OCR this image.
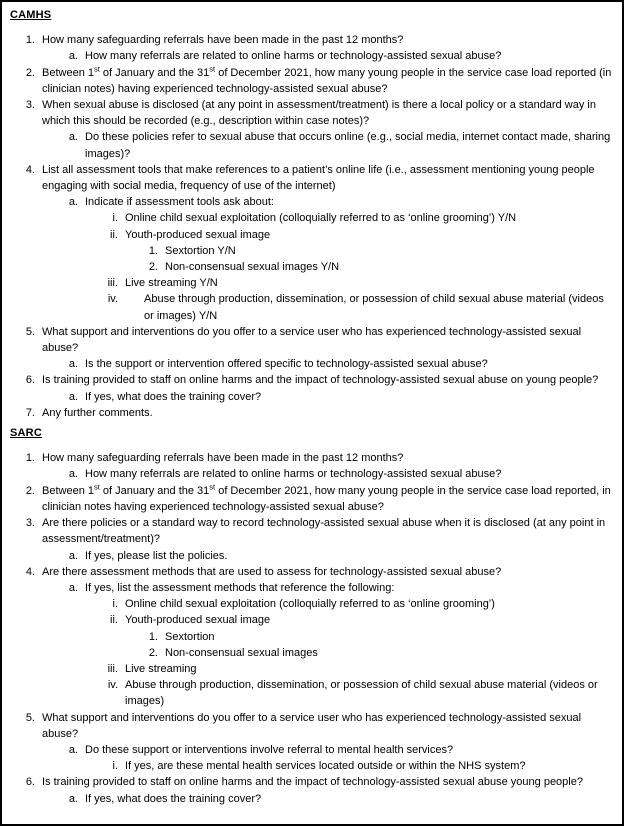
CAMHS
1. How many safeguarding referrals have been made in the past 12 months?
a. How many referrals are related to online harms or technology-assisted sexual abuse?
2. Between 1st of January and the 31st of December 2021, how many young people in the service case load reported (in clinician notes) having experienced technology-assisted sexual abuse?
3. When sexual abuse is disclosed (at any point in assessment/treatment) is there a local policy or a standard way in which this should be recorded (e.g., description within case notes)?
a. Do these policies refer to sexual abuse that occurs online (e.g., social media, internet contact made, sharing images)?
4. List all assessment tools that make references to a patient’s online life (i.e., assessment mentioning young people engaging with social media, frequency of use of the internet)
a. Indicate if assessment tools ask about:
i. Online child sexual exploitation (colloquially referred to as ‘online grooming’) Y/N
ii. Youth-produced sexual image
1. Sextortion Y/N
2. Non-consensual sexual images Y/N
iii. Live streaming Y/N
iv. Abuse through production, dissemination, or possession of child sexual abuse material (videos or images) Y/N
5. What support and interventions do you offer to a service user who has experienced technology-assisted sexual abuse?
a. Is the support or intervention offered specific to technology-assisted sexual abuse?
6. Is training provided to staff on online harms and the impact of technology-assisted sexual abuse on young people?
a. If yes, what does the training cover?
7. Any further comments.
SARC
1. How many safeguarding referrals have been made in the past 12 months?
a. How many referrals are related to online harms or technology-assisted sexual abuse?
2. Between 1st of January and the 31st of December 2021, how many young people in the service case load reported, in clinician notes having experienced technology-assisted sexual abuse?
3. Are there policies or a standard way to record technology-assisted sexual abuse when it is disclosed (at any point in assessment/treatment)?
a. If yes, please list the policies.
4. Are there assessment methods that are used to assess for technology-assisted sexual abuse?
a. If yes, list the assessment methods that reference the following:
i. Online child sexual exploitation (colloquially referred to as ‘online grooming’)
ii. Youth-produced sexual image
1. Sextortion
2. Non-consensual sexual images
iii. Live streaming
iv. Abuse through production, dissemination, or possession of child sexual abuse material (videos or images)
5. What support and interventions do you offer to a service user who has experienced technology-assisted sexual abuse?
a. Do these support or interventions involve referral to mental health services?
i. If yes, are these mental health services located outside or within the NHS system?
6. Is training provided to staff on online harms and the impact of technology-assisted sexual abuse young people?
a. If yes, what does the training cover?
